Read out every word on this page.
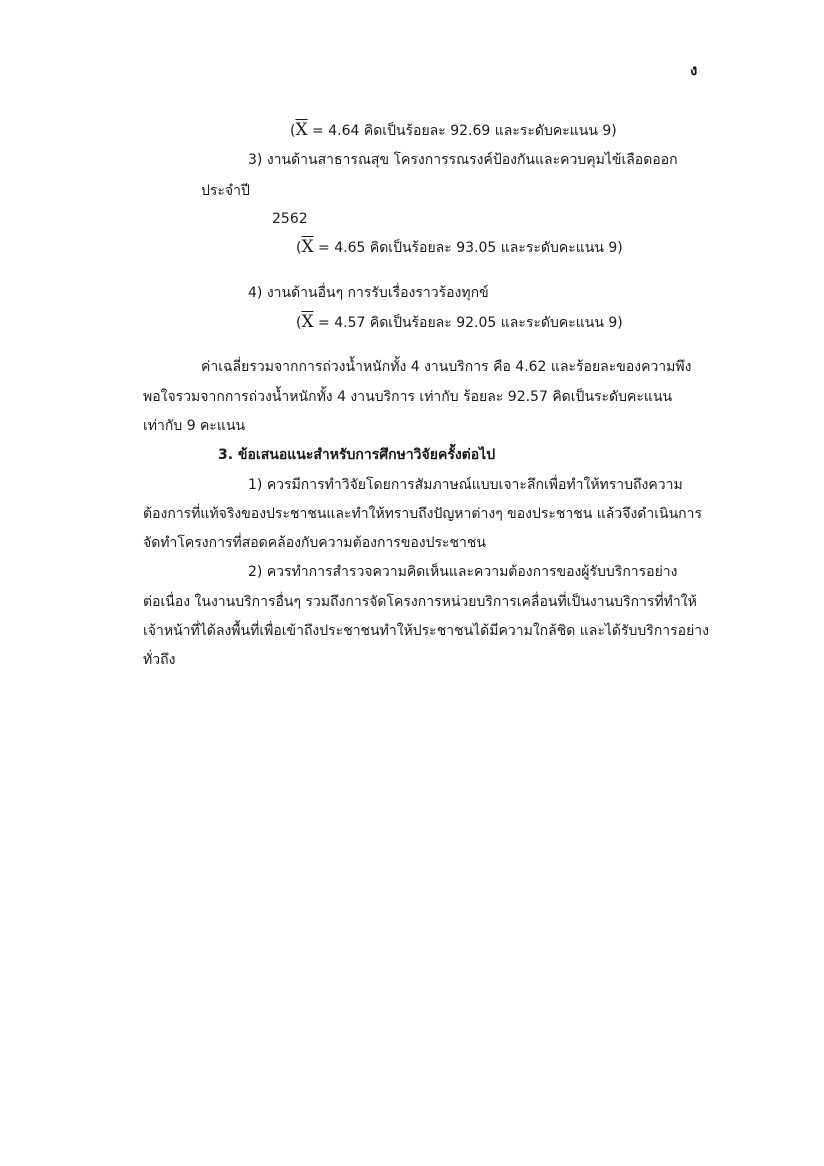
ง
($\overline{X} = 4.64$ คิดเป็นร้อยละ 92.69 และระดับคะแนน 9)
3) งานด้านสาธารณสุข โครงการรณรงค์ป้องกันและควบคุมไข้เลือดออก
ประจำปี
2562
($\overline{X} = 4.65$ คิดเป็นร้อยละ 93.05 และระดับคะแนน 9)
4) งานด้านอื่นๆ การรับเรื่องราวร้องทุกข์
($\overline{X} = 4.57$ คิดเป็นร้อยละ 92.05 และระดับคะแนน 9)
ค่าเฉลี่ยรวมจากการถ่วงน้ำหนักทั้ง 4 งานบริการ คือ 4.62 และร้อยละของความพึง
พอใจรวมจากการถ่วงน้ำหนักทั้ง 4 งานบริการ เท่ากับ ร้อยละ 92.57 คิดเป็นระดับคะแนน
เท่ากับ 9 คะแนน
3. ข้อเสนอแนะสำหรับการศึกษาวิจัยครั้งต่อไป
1) ควรมีการทำวิจัยโดยการสัมภาษณ์แบบเจาะลึกเพื่อทำให้ทราบถึงความ
ต้องการที่แท้จริงของประชาชนและทำให้ทราบถึงปัญหาต่างๆ ของประชาชน แล้วจึงดำเนินการ
จัดทำโครงการที่สอดคล้องกับความต้องการของประชาชน
2) ควรทำการสำรวจความคิดเห็นและความต้องการของผู้รับบริการอย่าง
ต่อเนื่อง ในงานบริการอื่นๆ รวมถึงการจัดโครงการหน่วยบริการเคลื่อนที่เป็นงานบริการที่ทำให้
เจ้าหน้าที่ได้ลงพื้นที่เพื่อเข้าถึงประชาชนทำให้ประชาชนได้มีความใกล้ชิด และได้รับบริการอย่าง
ทั่วถึง
